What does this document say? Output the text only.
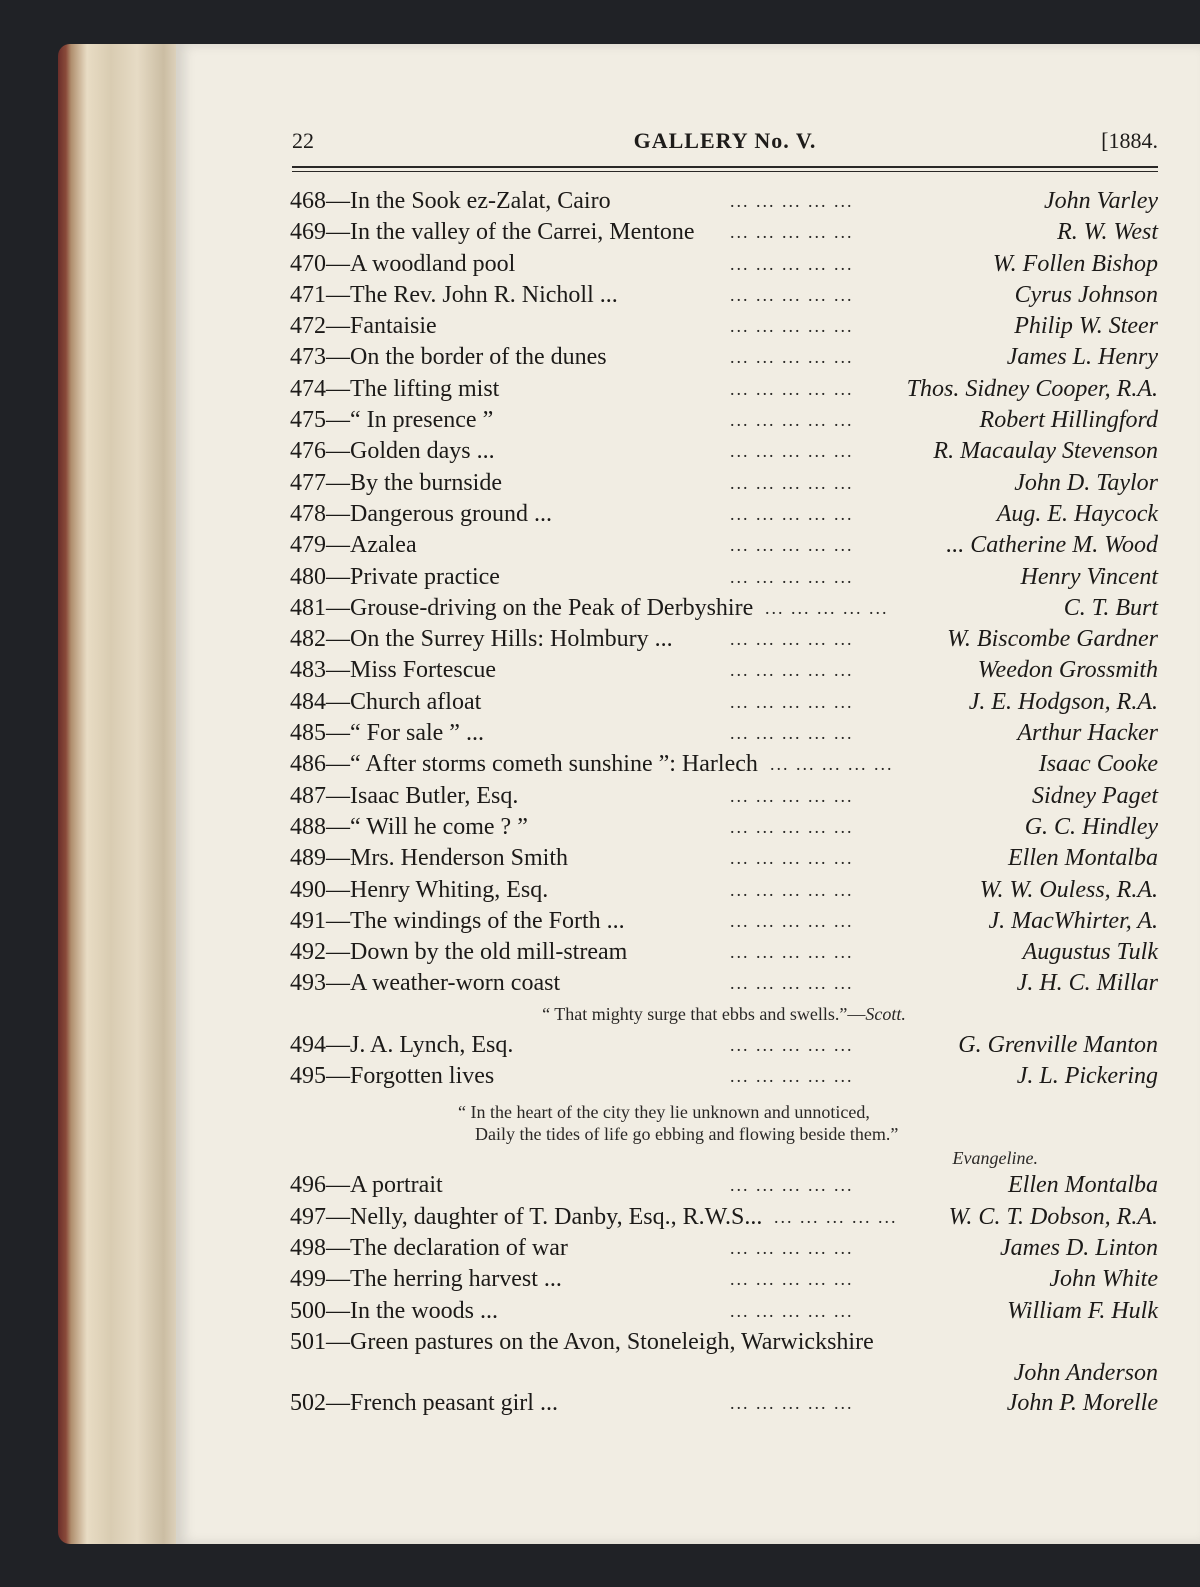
22	GALLERY No. V.	[1884.
468—In the Sook ez-Zalat, Cairo	... ... ... ... ...	John Varley
469—In the valley of the Carrei, Mentone ... ... ... ... ...	R. W. West
470—A woodland pool	... ... ... ... ...	W. Follen Bishop
471—The Rev. John R. Nicholl ...	... ... ... ... ...	Cyrus Johnson
472—Fantaisie	... ... ... ... ...	Philip W. Steer
473—On the border of the dunes	... ... ... ... ...	James L. Henry
474—The lifting mist	... ... ... ... ...	Thos. Sidney Cooper, R.A.
475—“ In presence ”	... ... ... ... ...	Robert Hillingford
476—Golden days ...	... ... ... ... ...	R. Macaulay Stevenson
477—By the burnside	... ... ... ... ...	John D. Taylor
478—Dangerous ground ...	... ... ... ... ...	Aug. E. Haycock
479—Azalea	... ... ... ... ...	... Catherine M. Wood
480—Private practice	... ... ... ... ...	Henry Vincent
481—Grouse-driving on the Peak of Derbyshire ... ... ... ... ...	C. T. Burt
482—On the Surrey Hills: Holmbury ...	... ... ... ... ...	W. Biscombe Gardner
483—Miss Fortescue	... ... ... ... ...	Weedon Grossmith
484—Church afloat	... ... ... ... ...	J. E. Hodgson, R.A.
485—“ For sale ” ...	... ... ... ... ...	Arthur Hacker
486—“ After storms cometh sunshine ”: Harlech ... ... ... ... ...	Isaac Cooke
487—Isaac Butler, Esq.	... ... ... ... ...	Sidney Paget
488—“ Will he come ? ”	... ... ... ... ...	G. C. Hindley
489—Mrs. Henderson Smith	... ... ... ... ...	Ellen Montalba
490—Henry Whiting, Esq.	... ... ... ... ...	W. W. Ouless, R.A.
491—The windings of the Forth ...	... ... ... ... ...	J. MacWhirter, A.
492—Down by the old mill-stream	... ... ... ... ...	Augustus Tulk
493—A weather-worn coast	... ... ... ... ...	J. H. C. Millar
“ That mighty surge that ebbs and swells.”—Scott.
494—J. A. Lynch, Esq.	... ... ... ... ...	G. Grenville Manton
495—Forgotten lives	... ... ... ... ...	J. L. Pickering
“ In the heart of the city they lie unknown and unnoticed,
Daily the tides of life go ebbing and flowing beside them.”
Evangeline.
496—A portrait	... ... ... ... ...	Ellen Montalba
497—Nelly, daughter of T. Danby, Esq., R.W.S... ... ... ... ... ...	W. C. T. Dobson, R.A.
498—The declaration of war	... ... ... ... ...	James D. Linton
499—The herring harvest ...	... ... ... ... ...	John White
500—In the woods ...	... ... ... ... ...	William F. Hulk
501—Green pastures on the Avon, Stoneleigh, Warwickshire
John Anderson
502—French peasant girl ...	... ... ... ... ...	John P. Morelle
